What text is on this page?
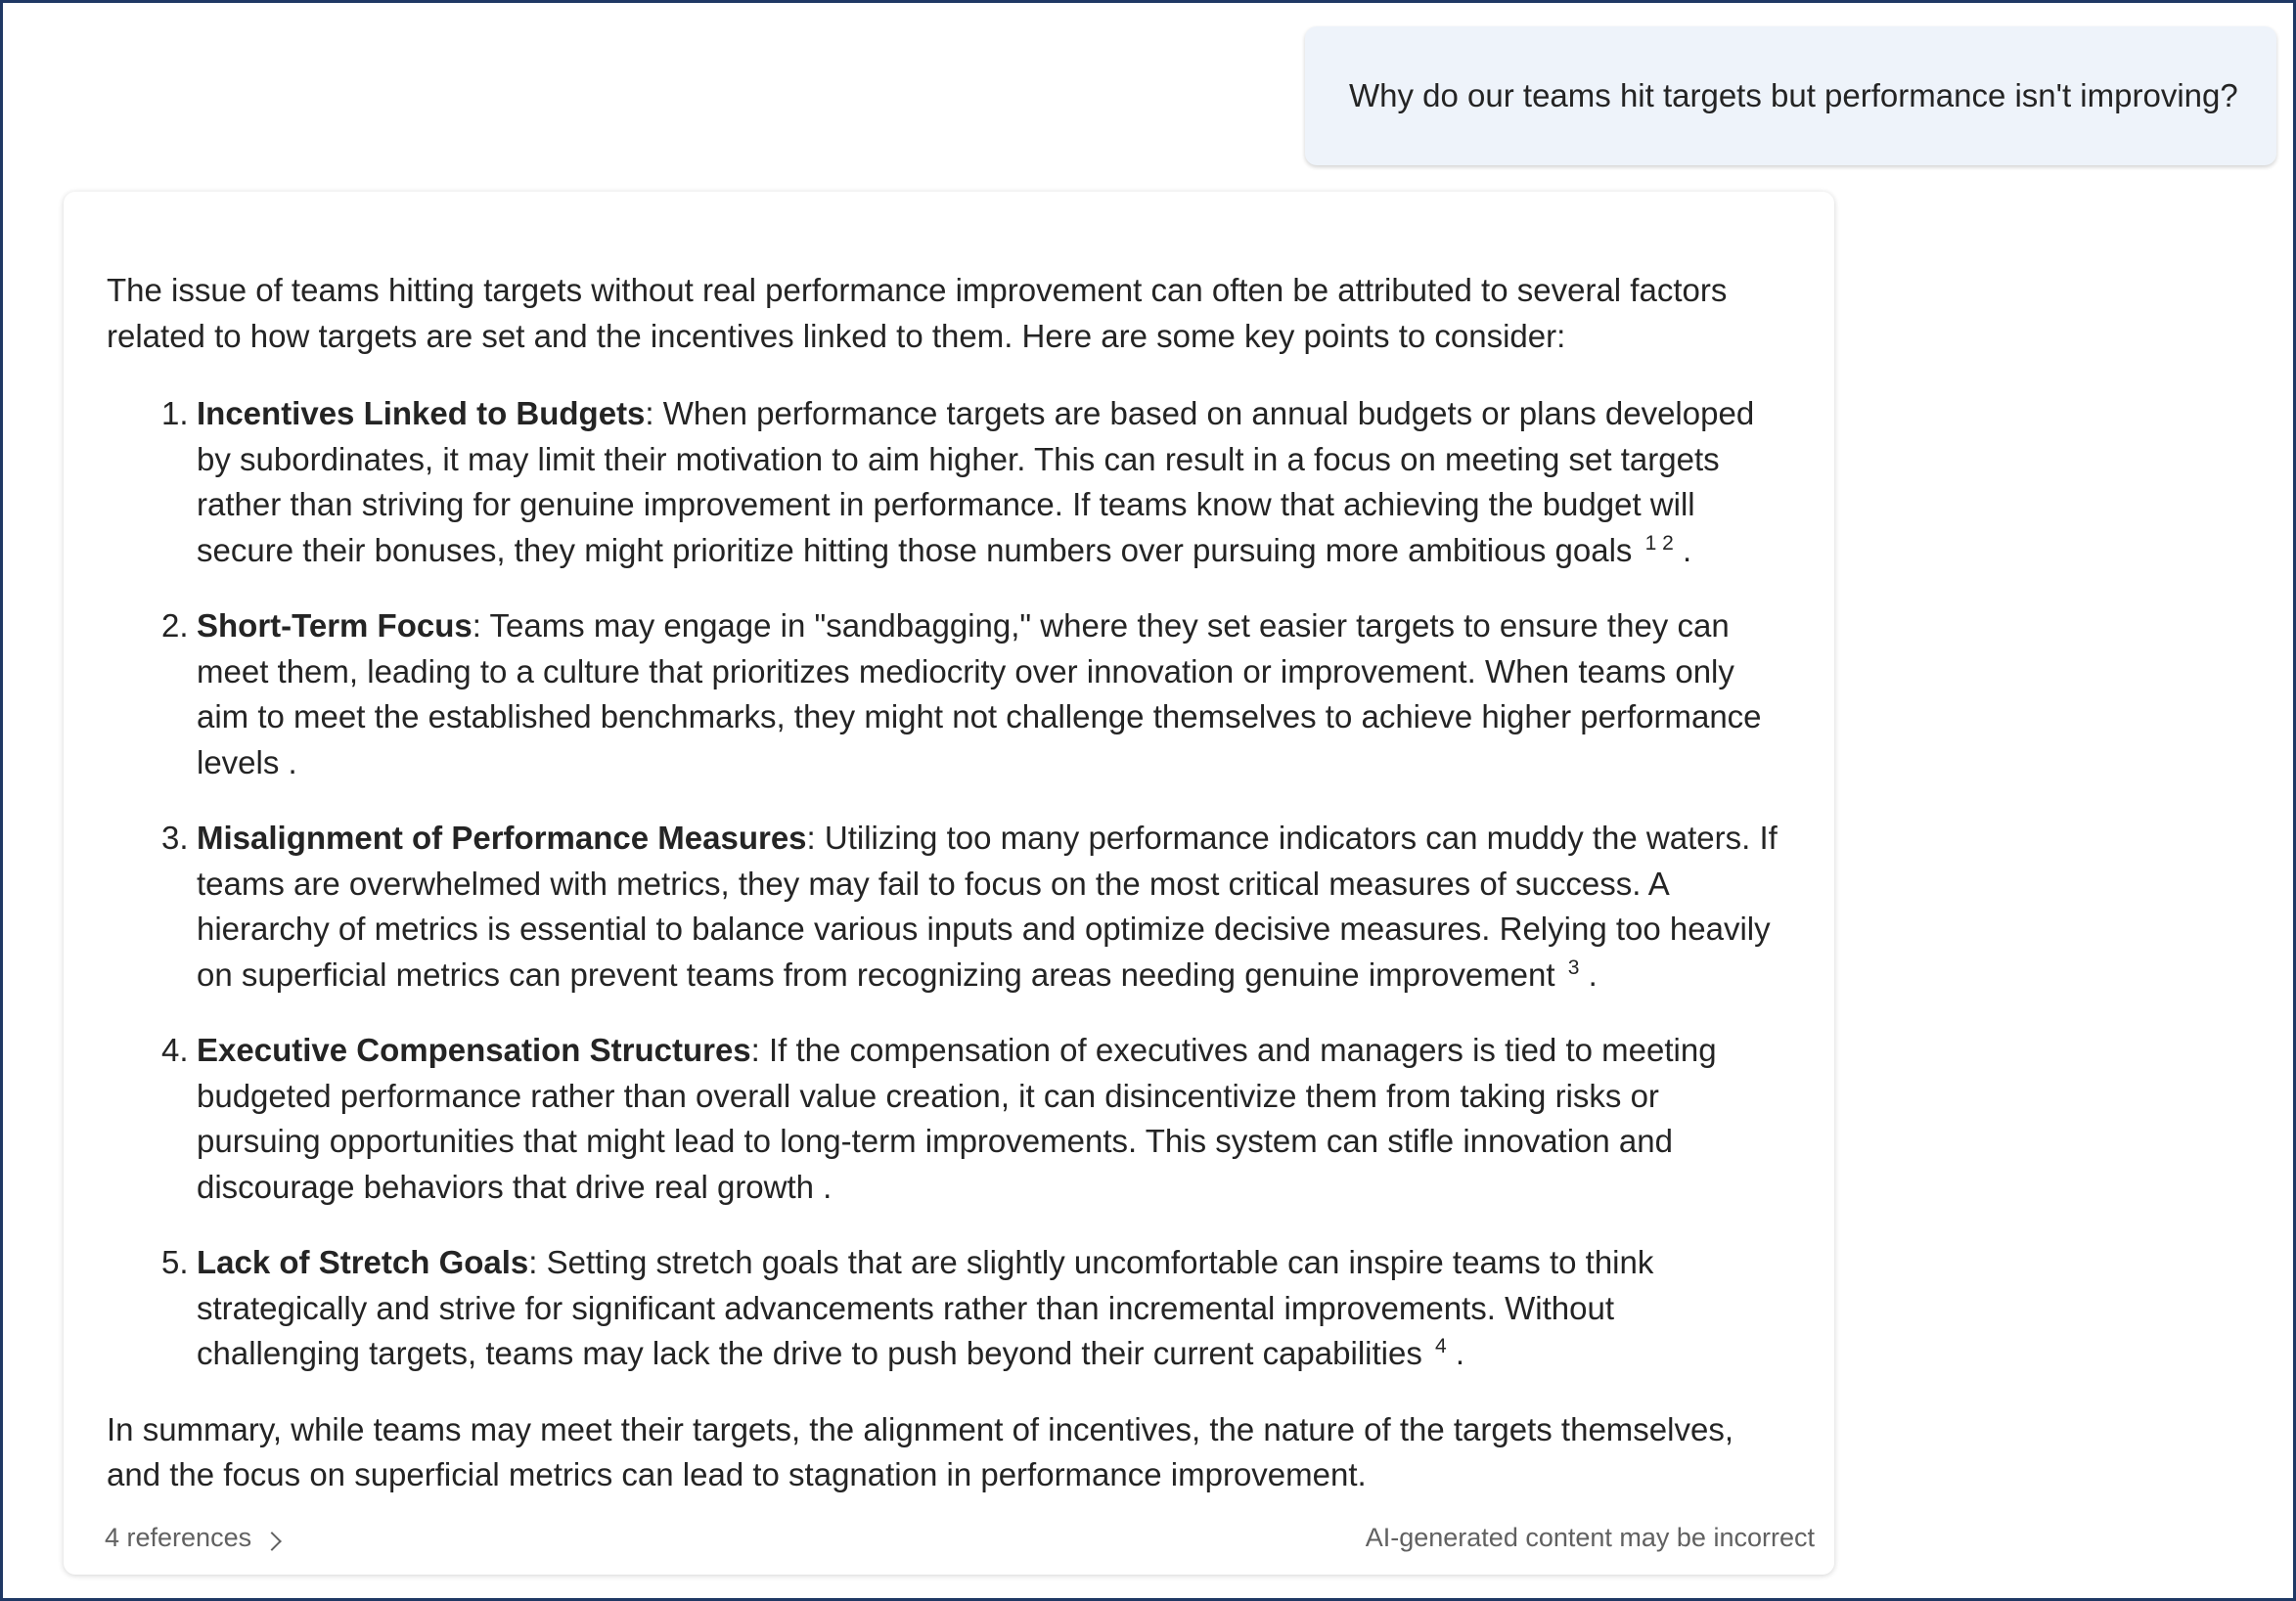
Why do our teams hit targets but performance isn't improving?

The issue of teams hitting targets without real performance improvement can often be attributed to several factors related to how targets are set and the incentives linked to them. Here are some key points to consider:

Incentives Linked to Budgets: When performance targets are based on annual budgets or plans developed by subordinates, it may limit their motivation to aim higher. This can result in a focus on meeting set targets rather than striving for genuine improvement in performance. If teams know that achieving the budget will secure their bonuses, they might prioritize hitting those numbers over pursuing more ambitious goals $^{1 2}$ .
Short-Term Focus: Teams may engage in "sandbagging," where they set easier targets to ensure they can meet them, leading to a culture that prioritizes mediocrity over innovation or improvement. When teams only aim to meet the established benchmarks, they might not challenge themselves to achieve higher performance levels .
Misalignment of Performance Measures: Utilizing too many performance indicators can muddy the waters. If teams are overwhelmed with metrics, they may fail to focus on the most critical measures of success. A hierarchy of metrics is essential to balance various inputs and optimize decisive measures. Relying too heavily on superficial metrics can prevent teams from recognizing areas needing genuine improvement $^3$ .
Executive Compensation Structures: If the compensation of executives and managers is tied to meeting budgeted performance rather than overall value creation, it can disincentivize them from taking risks or pursuing opportunities that might lead to long-term improvements. This system can stifle innovation and discourage behaviors that drive real growth .
Lack of Stretch Goals: Setting stretch goals that are slightly uncomfortable can inspire teams to think strategically and strive for significant advancements rather than incremental improvements. Without challenging targets, teams may lack the drive to push beyond their current capabilities $^4$ .

In summary, while teams may meet their targets, the alignment of incentives, the nature of the targets themselves, and the focus on superficial metrics can lead to stagnation in performance improvement.

4 references	AI-generated content may be incorrect
